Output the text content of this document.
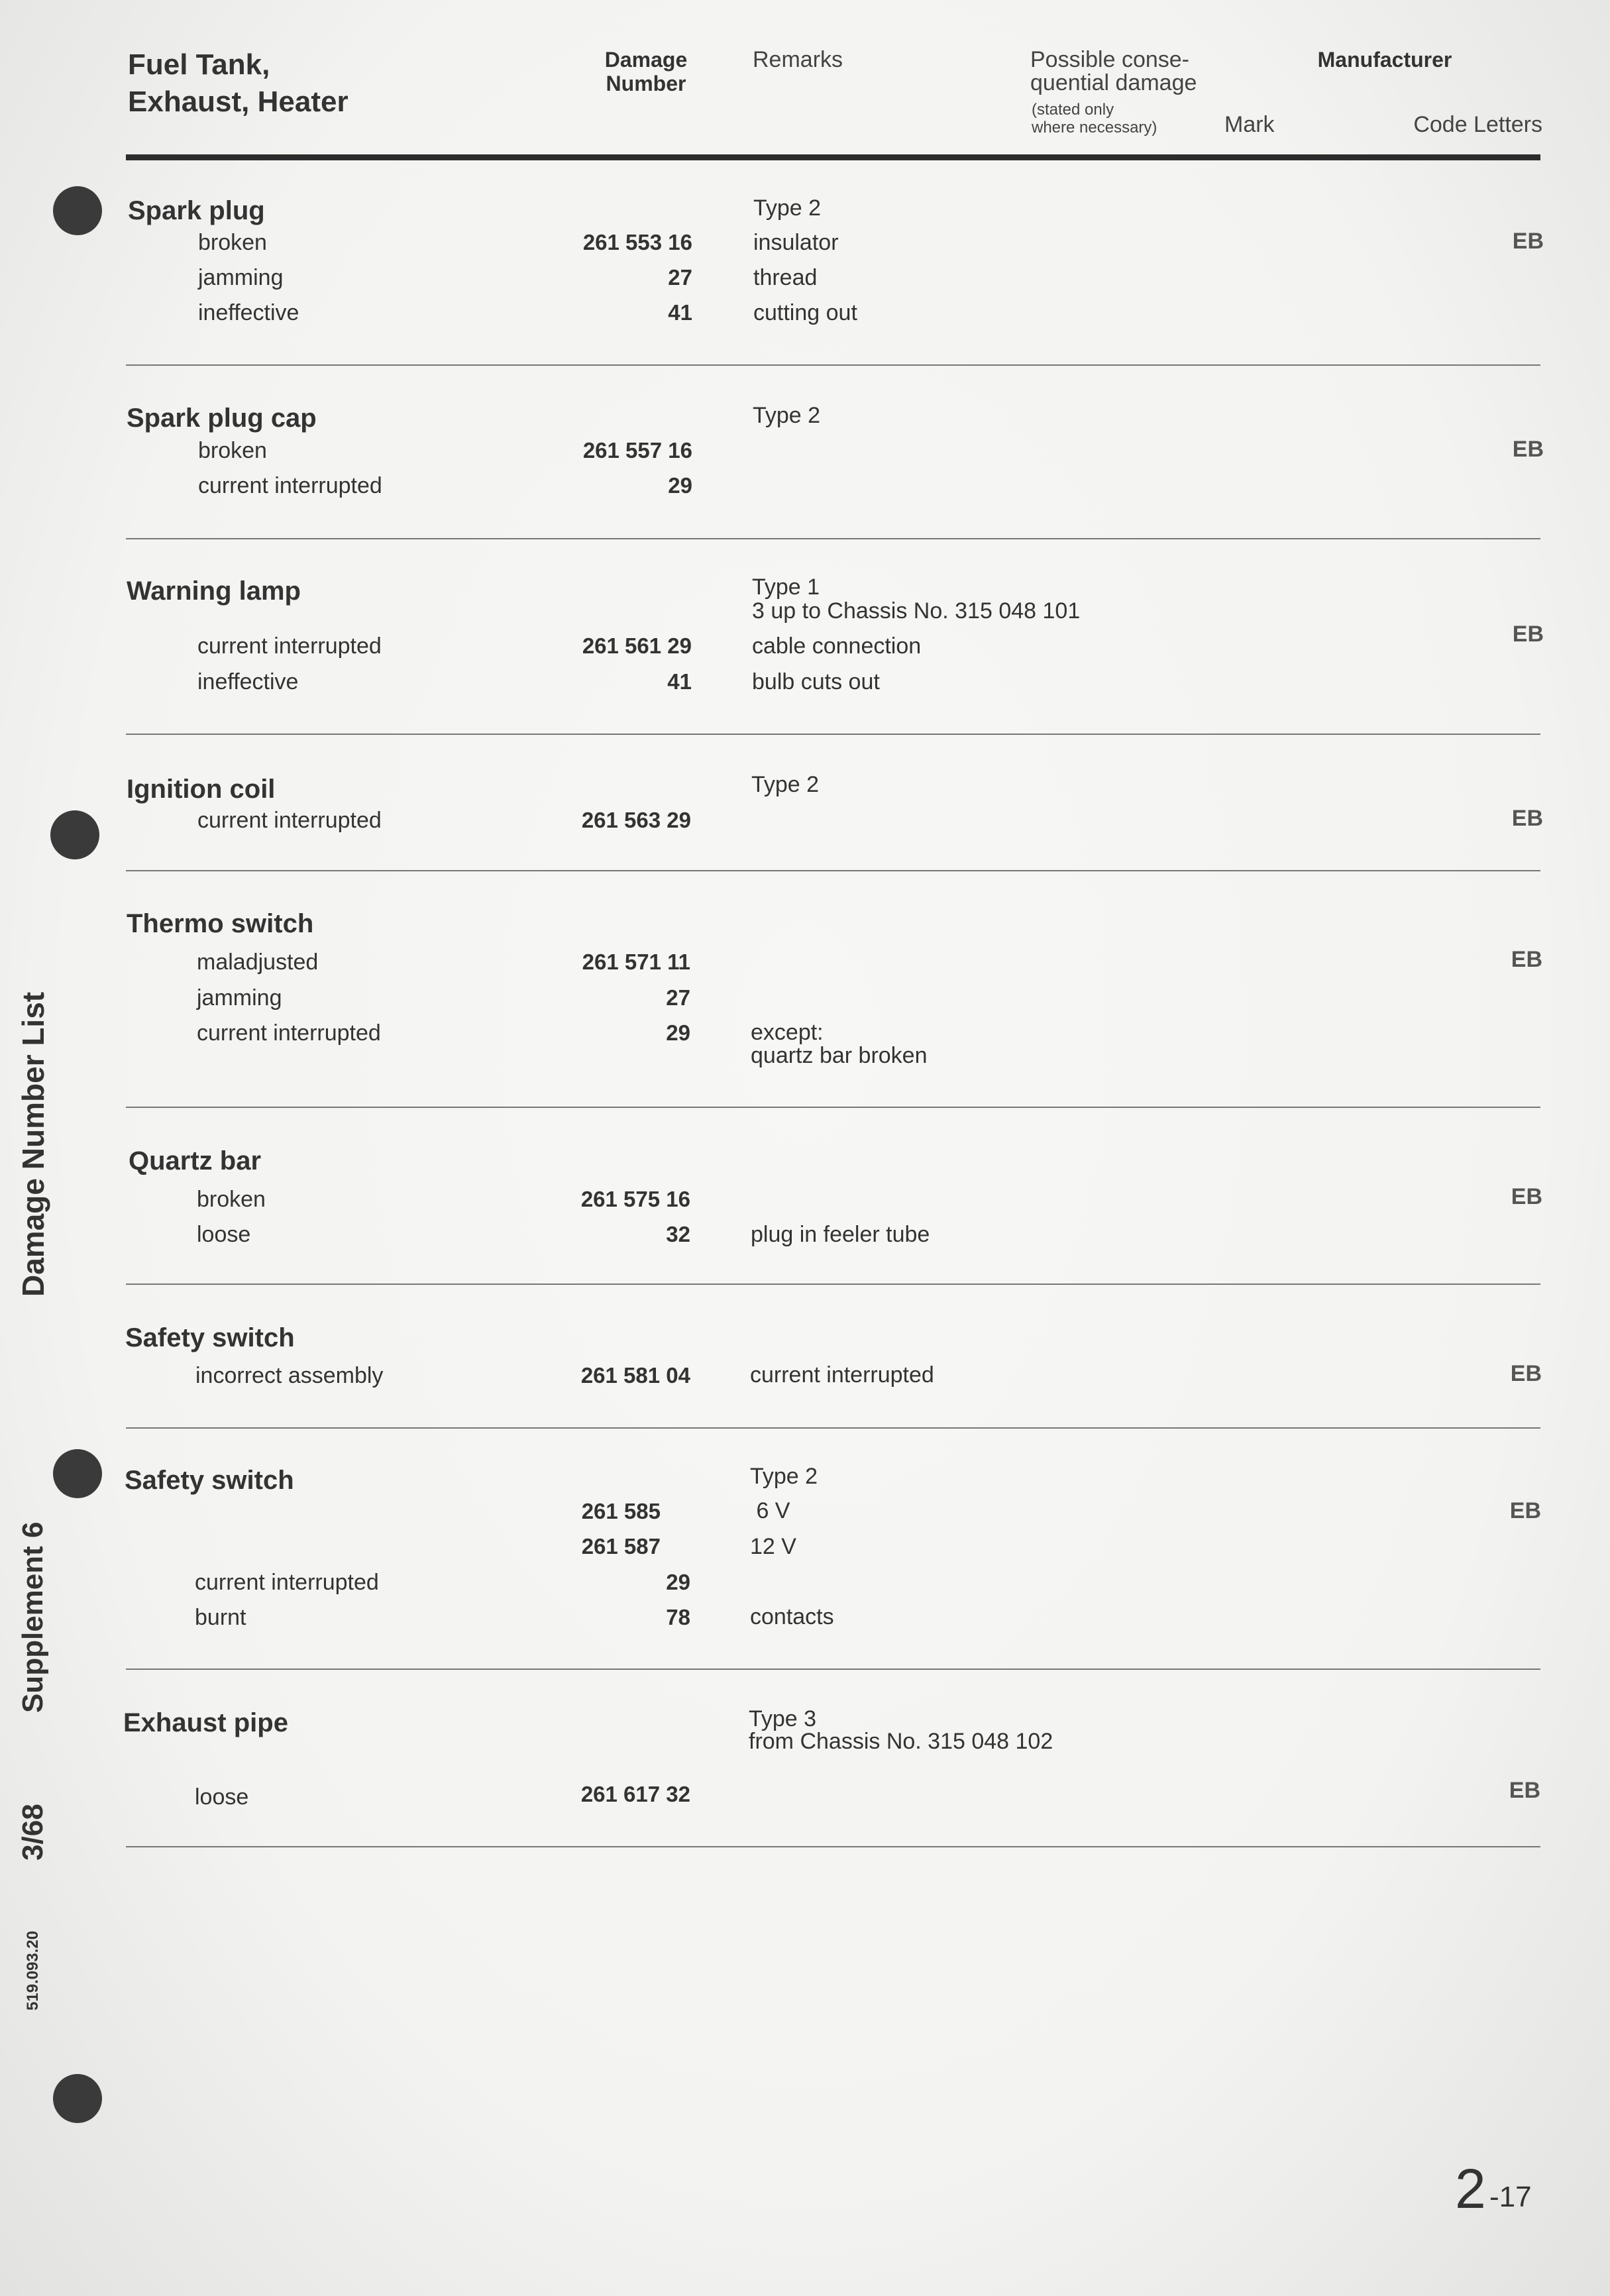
Fuel Tank,
Exhaust, Heater
Damage
Number
Remarks	Possible conse-
quential damage
(stated only
where necessary)
Manufacturer
Mark	Code Letters
Spark plug	Type 2
EB
broken	261 553 16	insulator
jamming	27	thread
ineffective	41	cutting out
Spark plug cap	Type 2
EB
broken	261 557 16
current interrupted	29
Warning lamp	Type 1
3 up to Chassis No. 315 048 101
EB
current interrupted	261 561 29	cable connection
ineffective	41	bulb cuts out
Ignition coil	Type 2
EB
current interrupted	261 563 29
Thermo switch
EB
maladjusted	261 571 11
jamming	27
current interrupted	29	except:
quartz bar broken
Quartz bar
EB
broken	261 575 16
loose	32	plug in feeler tube
Safety switch
EB
incorrect assembly	261 581 04	current interrupted
Safety switch	Type 2
EB
261 585	6 V
261 587	12 V
current interrupted	29
burnt	78	contacts
Exhaust pipe	Type 3
from Chassis No. 315 048 102
EB
loose	261 617 32
Damage Number List
Supplement 6
3/68
519.093.20
2 -17
